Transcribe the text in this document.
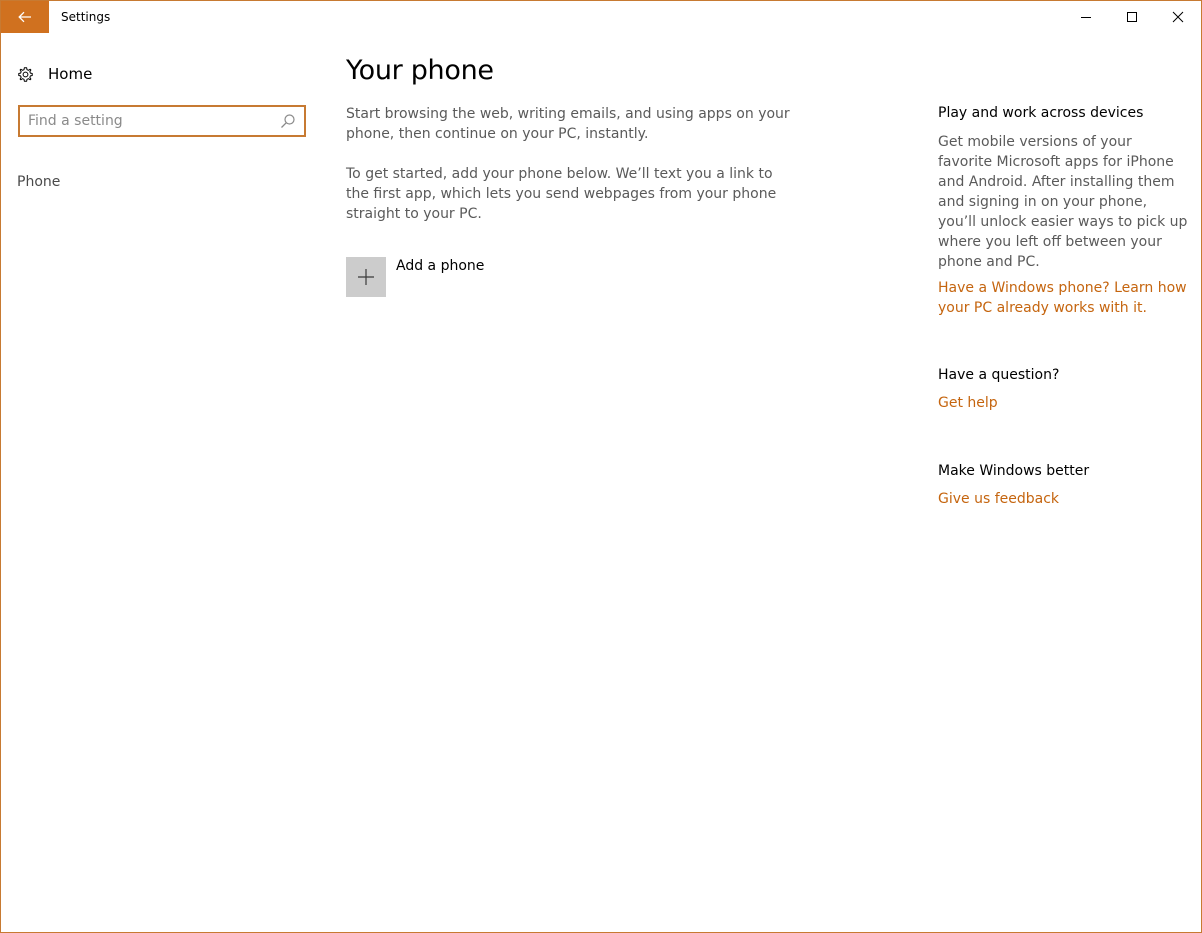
Settings
Home
Find a setting
Phone
Your phone

Start browsing the web, writing emails, and using apps on your phone, then continue on your PC, instantly.

To get started, add your phone below. We’ll text you a link to the first app, which lets you send webpages from your phone straight to your PC.

Add a phone

Play and work across devices

Get mobile versions of your favorite Microsoft apps for iPhone and Android. After installing them and signing in on your phone, you’ll unlock easier ways to pick up where you left off between your phone and PC.

Have a Windows phone? Learn how your PC already works with it.

Have a question?

Get help

Make Windows better

Give us feedback
